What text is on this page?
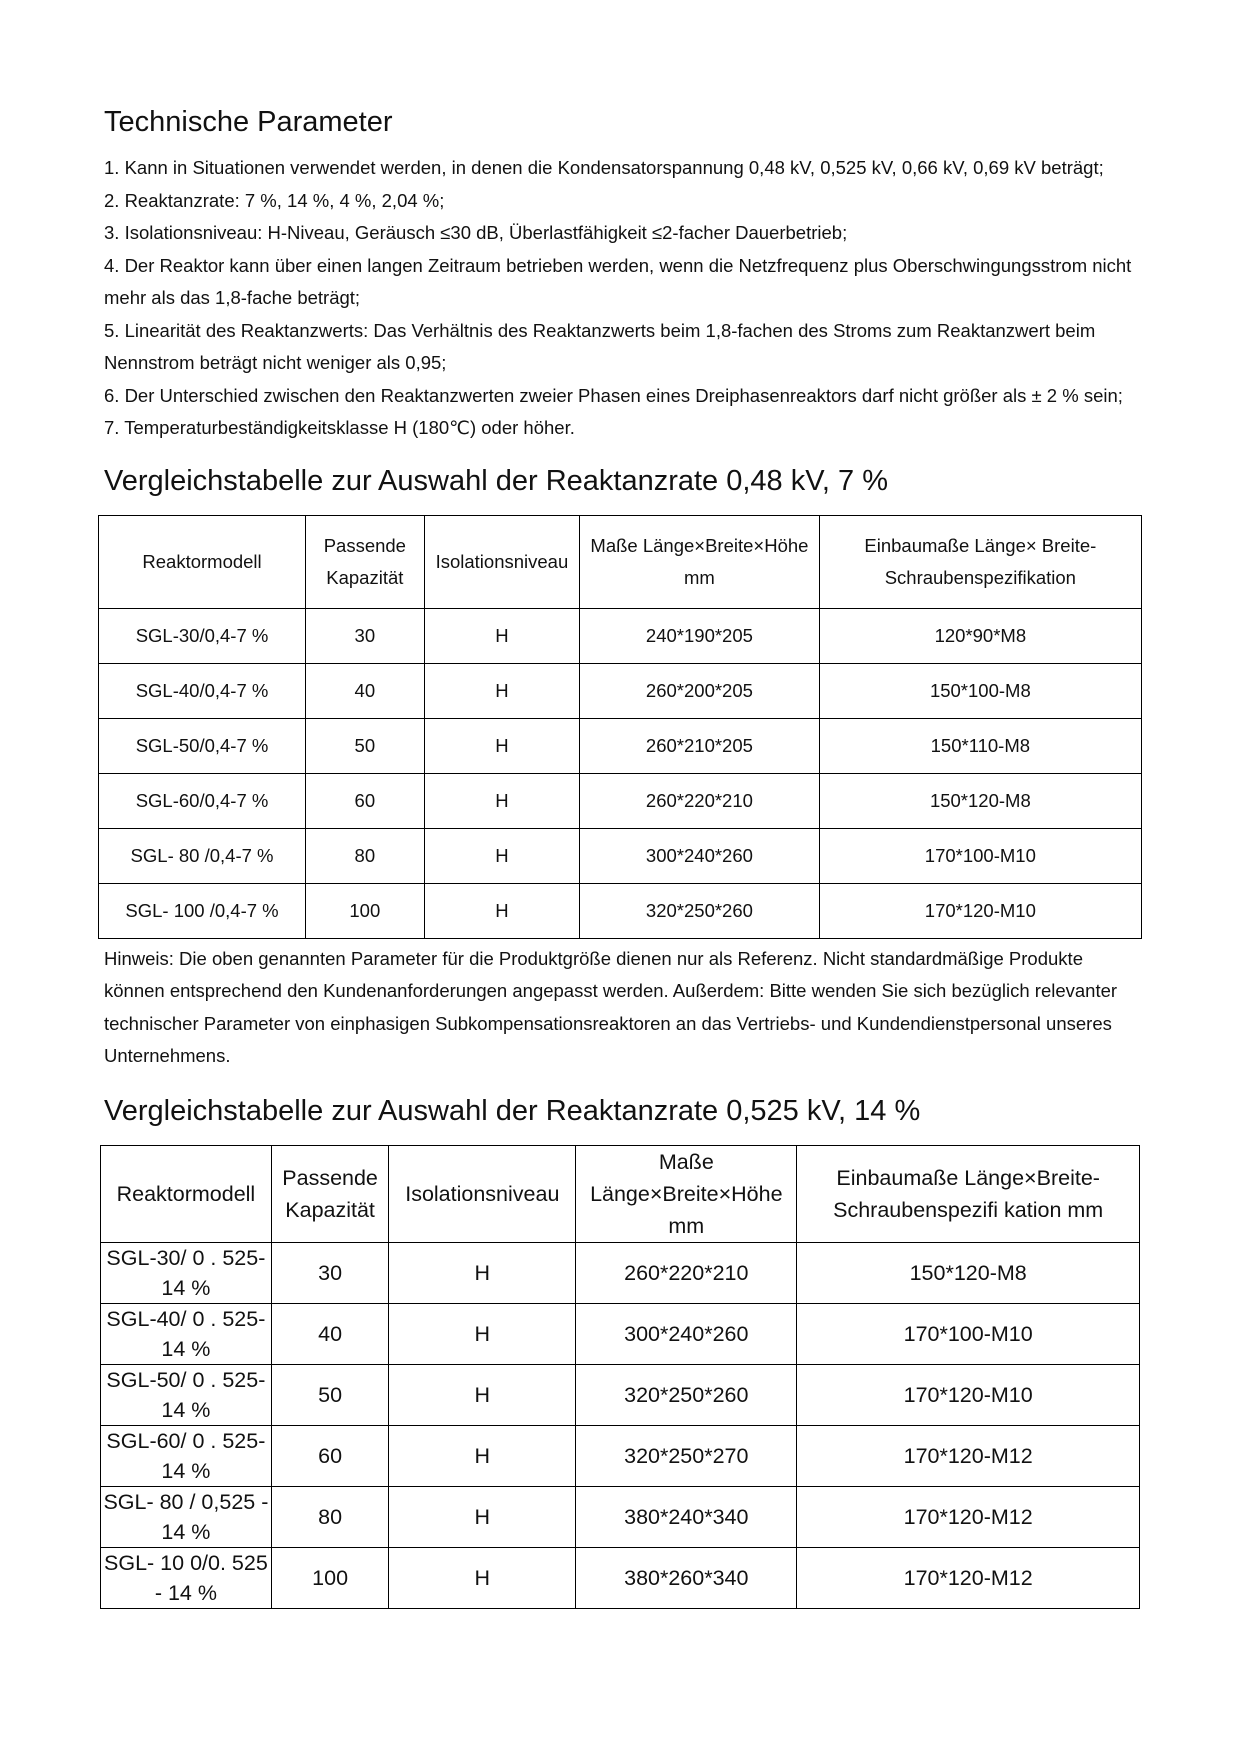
Technische Parameter
1. Kann in Situationen verwendet werden, in denen die Kondensatorspannung 0,48 kV, 0,525 kV, 0,66 kV, 0,69 kV beträgt;
2. Reaktanzrate: 7 %, 14 %, 4 %, 2,04 %;
3. Isolationsniveau: H-Niveau, Geräusch ≤30 dB, Überlastfähigkeit ≤2-facher Dauerbetrieb;
4. Der Reaktor kann über einen langen Zeitraum betrieben werden, wenn die Netzfrequenz plus Oberschwingungsstrom nicht mehr als das 1,8-fache beträgt;
5. Linearität des Reaktanzwerts: Das Verhältnis des Reaktanzwerts beim 1,8-fachen des Stroms zum Reaktanzwert beim Nennstrom beträgt nicht weniger als 0,95;
6. Der Unterschied zwischen den Reaktanzwerten zweier Phasen eines Dreiphasenreaktors darf nicht größer als ± 2 % sein;
7. Temperaturbeständigkeitsklasse H (180℃) oder höher.
Vergleichstabelle zur Auswahl der Reaktanzrate 0,48 kV, 7 %
Reaktormodell	Passende Kapazität	Isolationsniveau	Maße Länge×Breite×Höhe mm	Einbaumaße Länge× Breite-Schraubenspezifikation
SGL-30/0,4-7 %	30	H	240*190*205	120*90*M8
SGL-40/0,4-7 %	40	H	260*200*205	150*100-M8
SGL-50/0,4-7 %	50	H	260*210*205	150*110-M8
SGL-60/0,4-7 %	60	H	260*220*210	150*120-M8
SGL- 80 /0,4-7 %	80	H	300*240*260	170*100-M10
SGL- 100 /0,4-7 %	100	H	320*250*260	170*120-M10

Hinweis: Die oben genannten Parameter für die Produktgröße dienen nur als Referenz. Nicht standardmäßige Produkte können entsprechend den Kundenanforderungen angepasst werden. Außerdem: Bitte wenden Sie sich bezüglich relevanter technischer Parameter von einphasigen Subkompensationsreaktoren an das Vertriebs- und Kundendienstpersonal unseres Unternehmens.

Vergleichstabelle zur Auswahl der Reaktanzrate 0,525 kV, 14 %
Reaktormodell	Passende Kapazität	Isolationsniveau	Maße Länge×Breite×Höhe mm	Einbaumaße Länge×Breite-Schraubenspezifi kation mm
SGL-30/ 0 . 525-14 %	30	H	260*220*210	150*120-M8
SGL-40/ 0 . 525-14 %	40	H	300*240*260	170*100-M10
SGL-50/ 0 . 525-14 %	50	H	320*250*260	170*120-M10
SGL-60/ 0 . 525-14 %	60	H	320*250*270	170*120-M12
SGL- 80 / 0,525 - 14 %	80	H	380*240*340	170*120-M12
SGL- 10 0/0. 525 - 14 %	100	H	380*260*340	170*120-M12
